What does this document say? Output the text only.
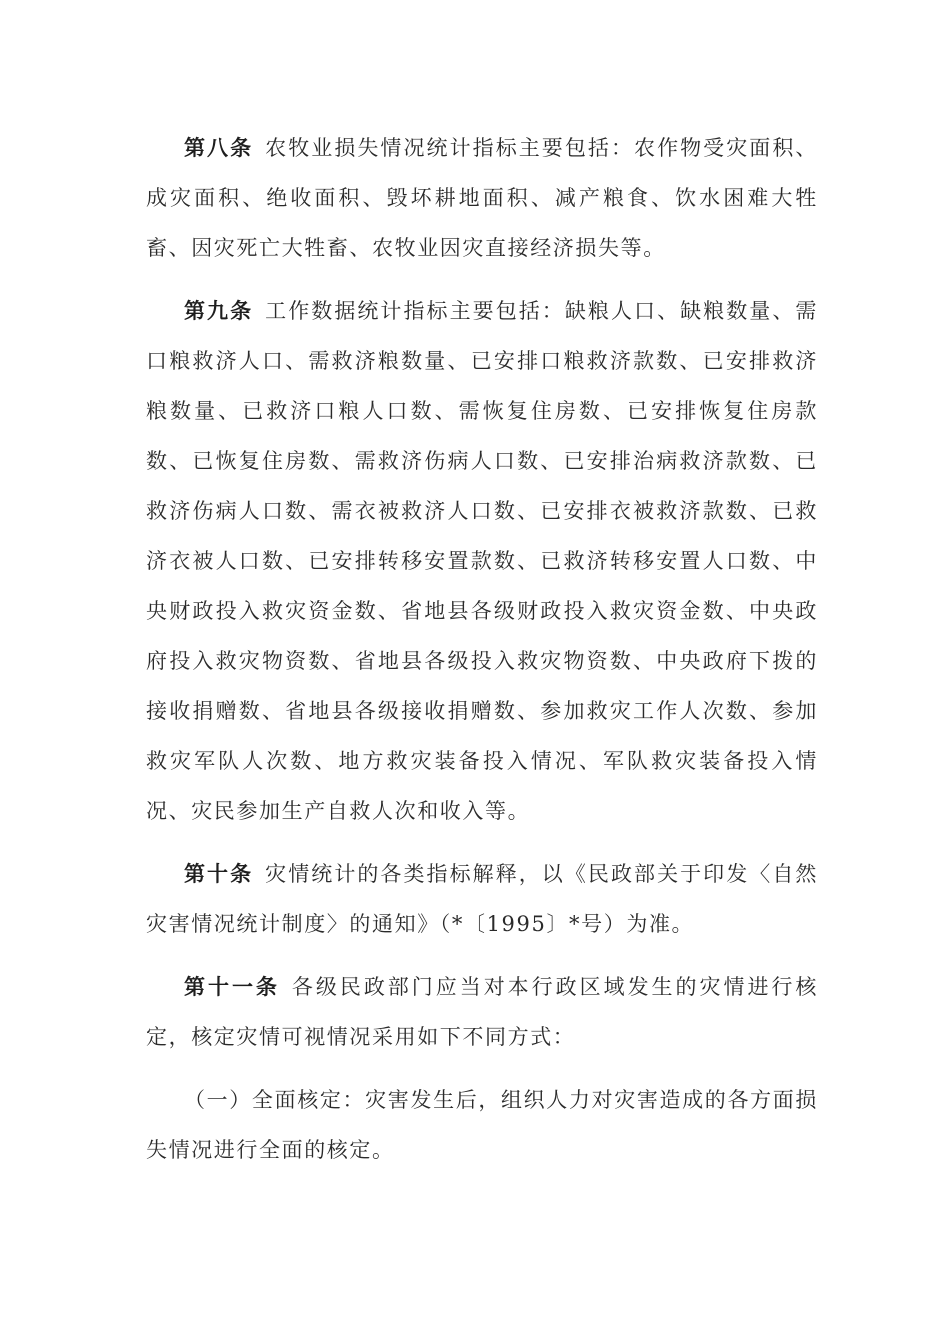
第八条 农牧业损失情况统计指标主要包括：农作物受灾面积、成灾面积、绝收面积、毁坏耕地面积、减产粮食、饮水困难大牲畜、因灾死亡大牲畜、农牧业因灾直接经济损失等。

第九条 工作数据统计指标主要包括：缺粮人口、缺粮数量、需口粮救济人口、需救济粮数量、已安排口粮救济款数、已安排救济粮数量、已救济口粮人口数、需恢复住房数、已安排恢复住房款数、已恢复住房数、需救济伤病人口数、已安排治病救济款数、已救济伤病人口数、需衣被救济人口数、已安排衣被救济款数、已救济衣被人口数、已安排转移安置款数、已救济转移安置人口数、中央财政投入救灾资金数、省地县各级财政投入救灾资金数、中央政府投入救灾物资数、省地县各级投入救灾物资数、中央政府下拨的接收捐赠数、省地县各级接收捐赠数、参加救灾工作人次数、参加救灾军队人次数、地方救灾装备投入情况、军队救灾装备投入情况、灾民参加生产自救人次和收入等。

第十条 灾情统计的各类指标解释，以《民政部关于印发〈自然灾害情况统计制度〉的通知》（*〔1995〕*号）为准。

第十一条 各级民政部门应当对本行政区域发生的灾情进行核定，核定灾情可视情况采用如下不同方式：

（一）全面核定：灾害发生后，组织人力对灾害造成的各方面损失情况进行全面的核定。
